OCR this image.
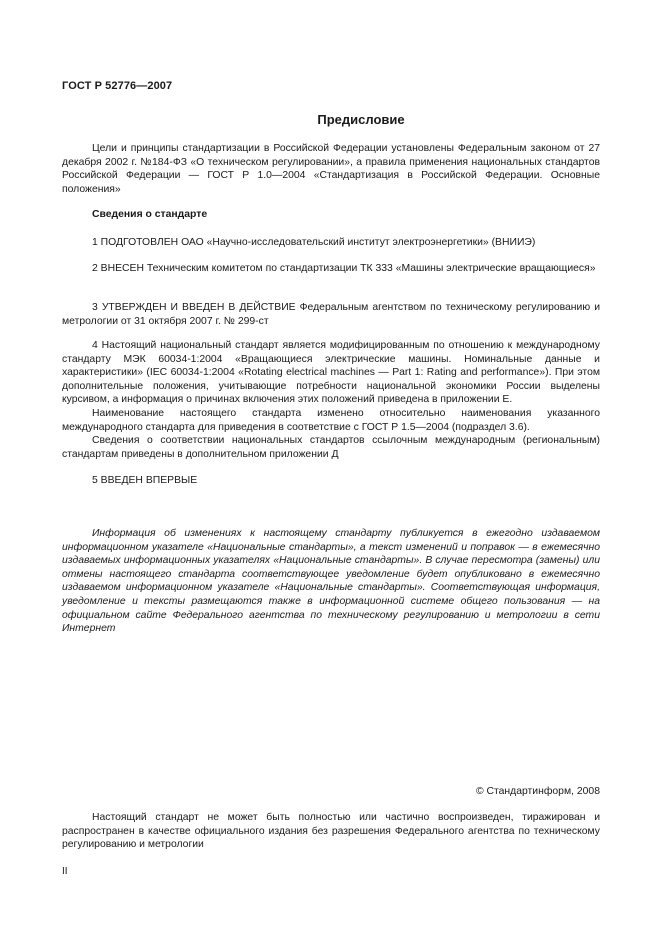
ГОСТ Р 52776—2007
Предисловие

Цели и принципы стандартизации в Российской Федерации установлены Федеральным законом от 27 декабря 2002 г. №184-ФЗ «О техническом регулировании», а правила применения национальных стандартов Российской Федерации — ГОСТ Р 1.0—2004 «Стандартизация в Российской Федерации. Основные положения»

Сведения о стандарте

1 ПОДГОТОВЛЕН ОАО «Научно-исследовательский институт электроэнергетики» (ВНИИЭ)

2 ВНЕСЕН Техническим комитетом по стандартизации ТК 333 «Машины электрические вращающиеся»

3 УТВЕРЖДЕН И ВВЕДЕН В ДЕЙСТВИЕ Федеральным агентством по техническому регулированию и метрологии от 31 октября 2007 г. № 299-ст

4 Настоящий национальный стандарт является модифицированным по отношению к международному стандарту МЭК 60034-1:2004 «Вращающиеся электрические машины. Номинальные данные и характеристики» (IEC 60034-1:2004 «Rotating electrical machines — Part 1: Rating and performance»). При этом дополнительные положения, учитывающие потребности национальной экономики России выделены курсивом, а информация о причинах включения этих положений приведена в приложении Е.

Наименование настоящего стандарта изменено относительно наименования указанного международного стандарта для приведения в соответствие с ГОСТ Р 1.5—2004 (подраздел 3.6).

Сведения о соответствии национальных стандартов ссылочным международным (региональным) стандартам приведены в дополнительном приложении Д

5 ВВЕДЕН ВПЕРВЫЕ

Информация об изменениях к настоящему стандарту публикуется в ежегодно издаваемом информационном указателе «Национальные стандарты», а текст изменений и поправок — в ежемесячно издаваемых информационных указателях «Национальные стандарты». В случае пересмотра (замены) или отмены настоящего стандарта соответствующее уведомление будет опубликовано в ежемесячно издаваемом информационном указателе «Национальные стандарты». Соответствующая информация, уведомление и тексты размещаются также в информационной системе общего пользования — на официальном сайте Федерального агентства по техническому регулированию и метрологии в сети Интернет

© Стандартинформ, 2008

Настоящий стандарт не может быть полностью или частично воспроизведен, тиражирован и распространен в качестве официального издания без разрешения Федерального агентства по техническому регулированию и метрологии

II
